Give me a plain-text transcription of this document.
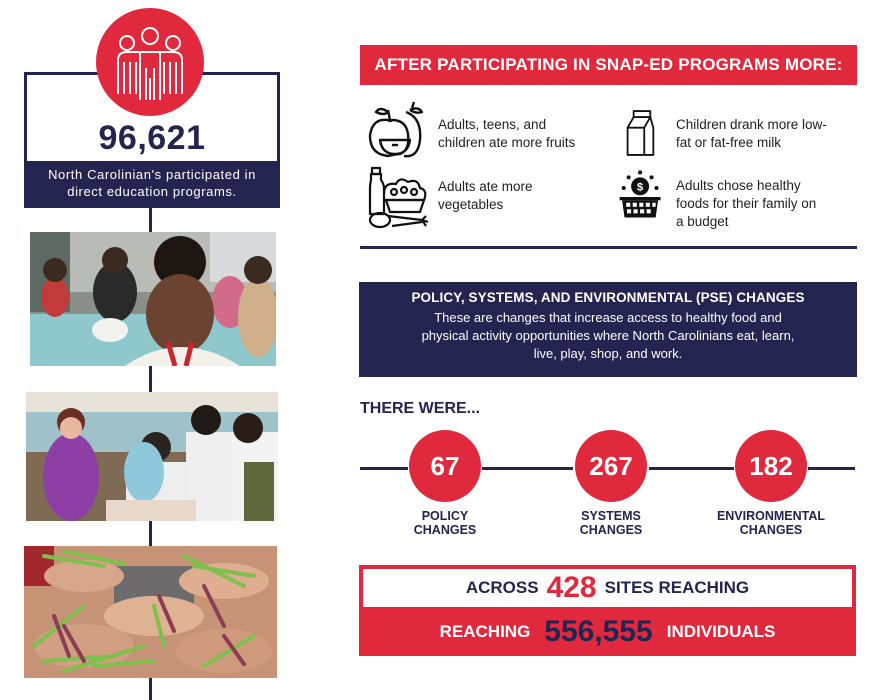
96,621
North Carolinian's participated in
direct education programs.
AFTER PARTICIPATING IN SNAP-ED PROGRAMS MORE:
Adults, teens, and
children ate more fruits
Children drank more low-
fat or fat-free milk
Adults ate more
vegetables
$ Adults chose healthy
foods for their family on
a budget
POLICY, SYSTEMS, AND ENVIRONMENTAL (PSE) CHANGES
These are changes that increase access to healthy food and physical activity opportunities where North Carolinians eat, learn, live, play, shop, and work.
THERE WERE...
67	267	182
POLICY
CHANGES
SYSTEMS
CHANGES
ENVIRONMENTAL
CHANGES
ACROSS 428 SITES REACHING
REACHING 556,555 INDIVIDUALS
